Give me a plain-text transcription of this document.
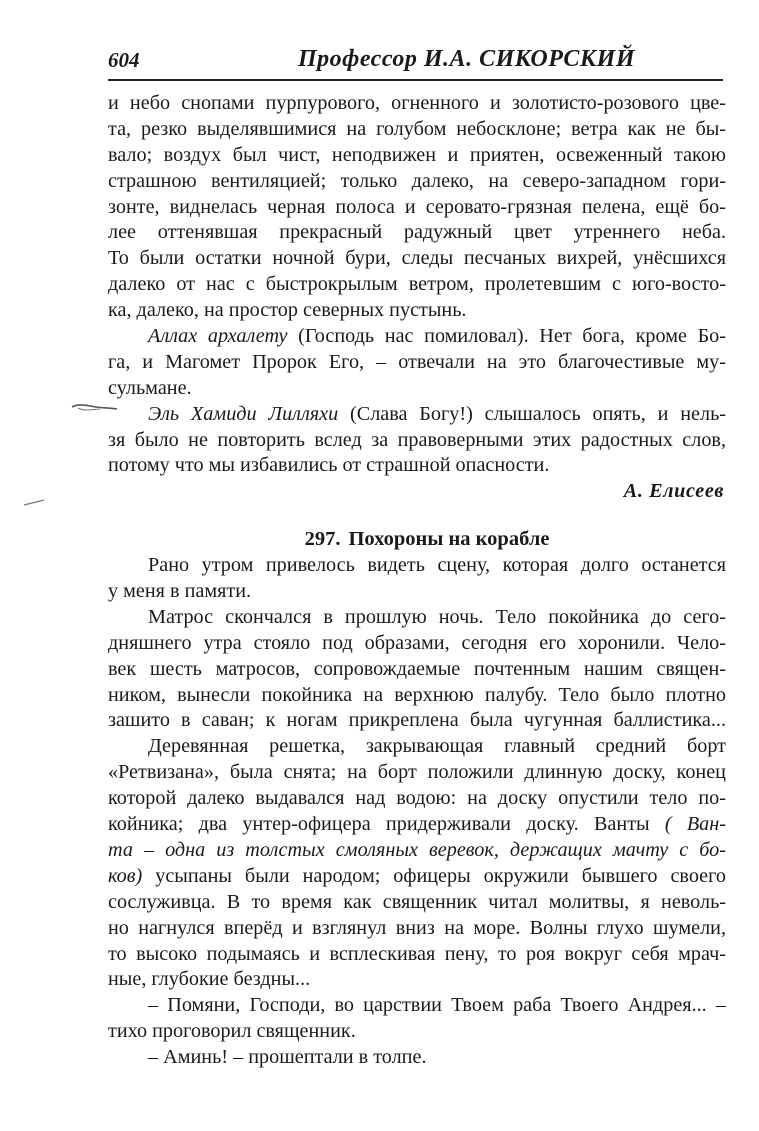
604	Профессор И.А. СИКОРСКИЙ
и небо снопами пурпурового, огненного и золотисто-розового цве-
та, резко выделявшимися на голубом небосклоне; ветра как не бы-
вало; воздух был чист, неподвижен и приятен, освеженный такою
страшною вентиляцией; только далеко, на северо-западном гори-
зонте, виднелась черная полоса и серовато-грязная пелена, ещё бо-
лее оттенявшая прекрасный радужный цвет утреннего неба.
То были остатки ночной бури, следы песчаных вихрей, унёсшихся
далеко от нас с быстрокрылым ветром, пролетевшим с юго-восто-
ка, далеко, на простор северных пустынь.
Аллах архалету (Господь нас помиловал). Нет бога, кроме Бо-
га, и Магомет Пророк Его, – отвечали на это благочестивые му-
сульмане.
Эль Хамиди Лилляхи (Слава Богу!) слышалось опять, и нель-
зя было не повторить вслед за правоверными этих радостных слов,
потому что мы избавились от страшной опасности.
А. Елисеев
297. Похороны на корабле
Рано утром привелось видеть сцену, которая долго останется
у меня в памяти.
Матрос скончался в прошлую ночь. Тело покойника до сего-
дняшнего утра стояло под образами, сегодня его хоронили. Чело-
век шесть матросов, сопровождаемые почтенным нашим священ-
ником, вынесли покойника на верхнюю палубу. Тело было плотно
зашито в саван; к ногам прикреплена была чугунная баллистика...
Деревянная решетка, закрывающая главный средний борт
«Ретвизана», была снята; на борт положили длинную доску, конец
которой далеко выдавался над водою: на доску опустили тело по-
койника; два унтер-офицера придерживали доску. Ванты ( Ван-
та – одна из толстых смоляных веревок, держащих мачту с бо-
ков) усыпаны были народом; офицеры окружили бывшего своего
сослуживца. В то время как священник читал молитвы, я неволь-
но нагнулся вперёд и взглянул вниз на море. Волны глухо шумели,
то высоко подымаясь и всплескивая пену, то роя вокруг себя мрач-
ные, глубокие бездны...
– Помяни, Господи, во царствии Твоем раба Твоего Андрея... –
тихо проговорил священник.
– Аминь! – прошептали в толпе.
